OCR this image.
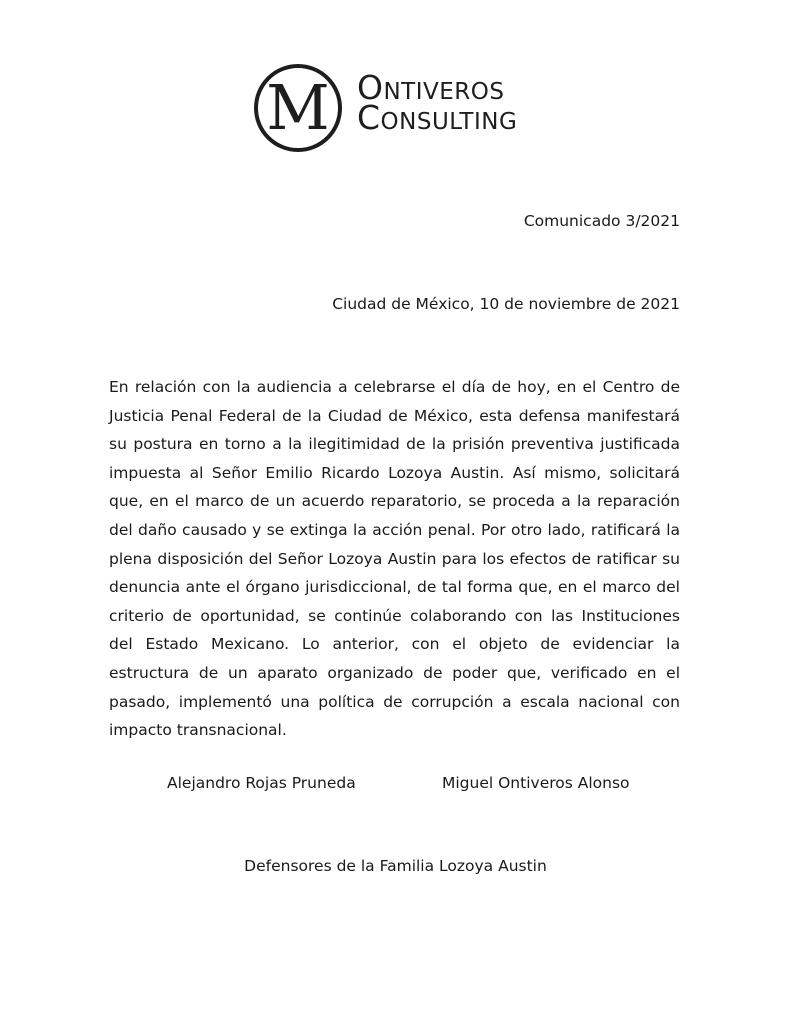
M Ontiveros
Consulting
Comunicado 3/2021
Ciudad de México, 10 de noviembre de 2021

En relación con la audiencia a celebrarse el día de hoy, en el Centro de Justicia Penal Federal de la Ciudad de México, esta defensa manifestará su postura en torno a la ilegitimidad de la prisión preventiva justificada impuesta al Señor Emilio Ricardo Lozoya Austin. Así mismo, solicitará que, en el marco de un acuerdo reparatorio, se proceda a la reparación del daño causado y se extinga la acción penal. Por otro lado, ratificará la plena disposición del Señor Lozoya Austin para los efectos de ratificar su denuncia ante el órgano jurisdiccional, de tal forma que, en el marco del criterio de oportunidad, se continúe colaborando con las Instituciones del Estado Mexicano. Lo anterior, con el objeto de evidenciar la estructura de un aparato organizado de poder que, verificado en el pasado, implementó una política de corrupción a escala nacional con impacto transnacional.

Alejandro Rojas Pruneda	Miguel Ontiveros Alonso
Defensores de la Familia Lozoya Austin
